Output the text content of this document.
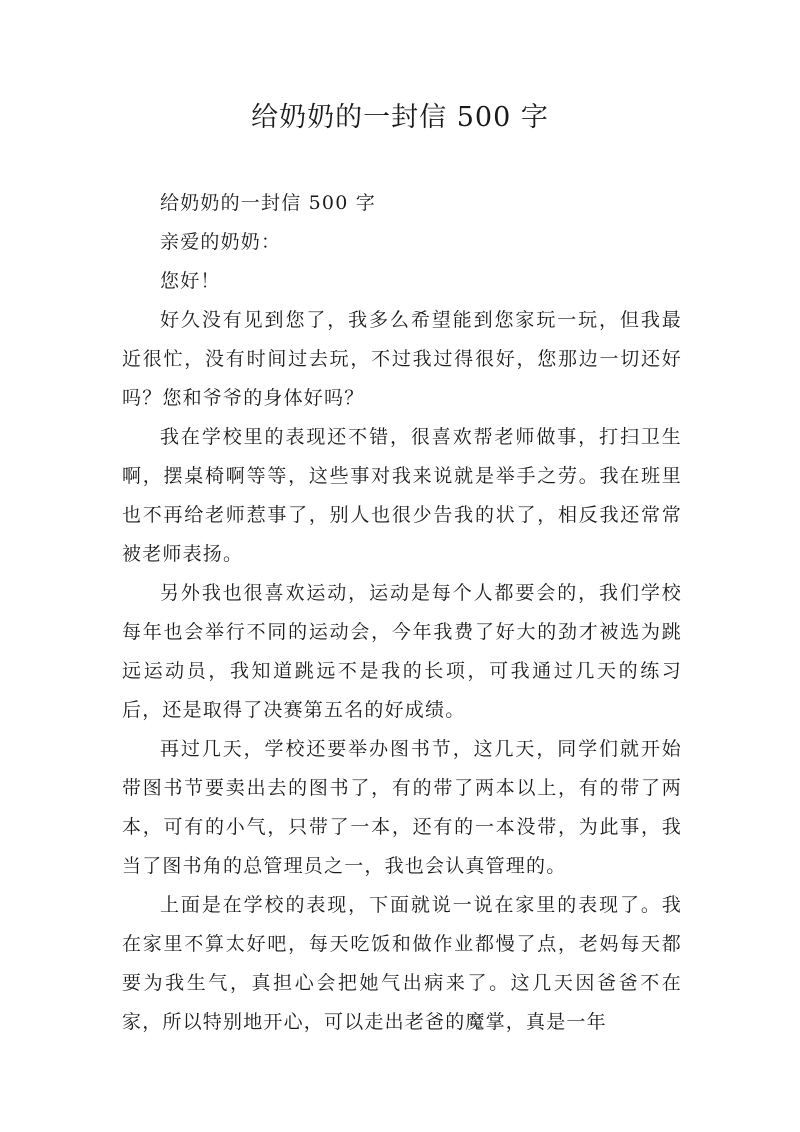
给奶奶的一封信 500 字

给奶奶的一封信 500 字

亲爱的奶奶：

您好！

好久没有见到您了，我多么希望能到您家玩一玩，但我最近很忙，没有时间过去玩，不过我过得很好，您那边一切还好吗？您和爷爷的身体好吗？

我在学校里的表现还不错，很喜欢帮老师做事，打扫卫生啊，摆桌椅啊等等，这些事对我来说就是举手之劳。我在班里也不再给老师惹事了，别人也很少告我的状了，相反我还常常被老师表扬。

另外我也很喜欢运动，运动是每个人都要会的，我们学校每年也会举行不同的运动会，今年我费了好大的劲才被选为跳远运动员，我知道跳远不是我的长项，可我通过几天的练习后，还是取得了决赛第五名的好成绩。

再过几天，学校还要举办图书节，这几天，同学们就开始带图书节要卖出去的图书了，有的带了两本以上，有的带了两本，可有的小气，只带了一本，还有的一本没带，为此事，我当了图书角的总管理员之一，我也会认真管理的。

上面是在学校的表现，下面就说一说在家里的表现了。我在家里不算太好吧，每天吃饭和做作业都慢了点，老妈每天都要为我生气，真担心会把她气出病来了。这几天因爸爸不在家，所以特别地开心，可以走出老爸的魔掌，真是一年
